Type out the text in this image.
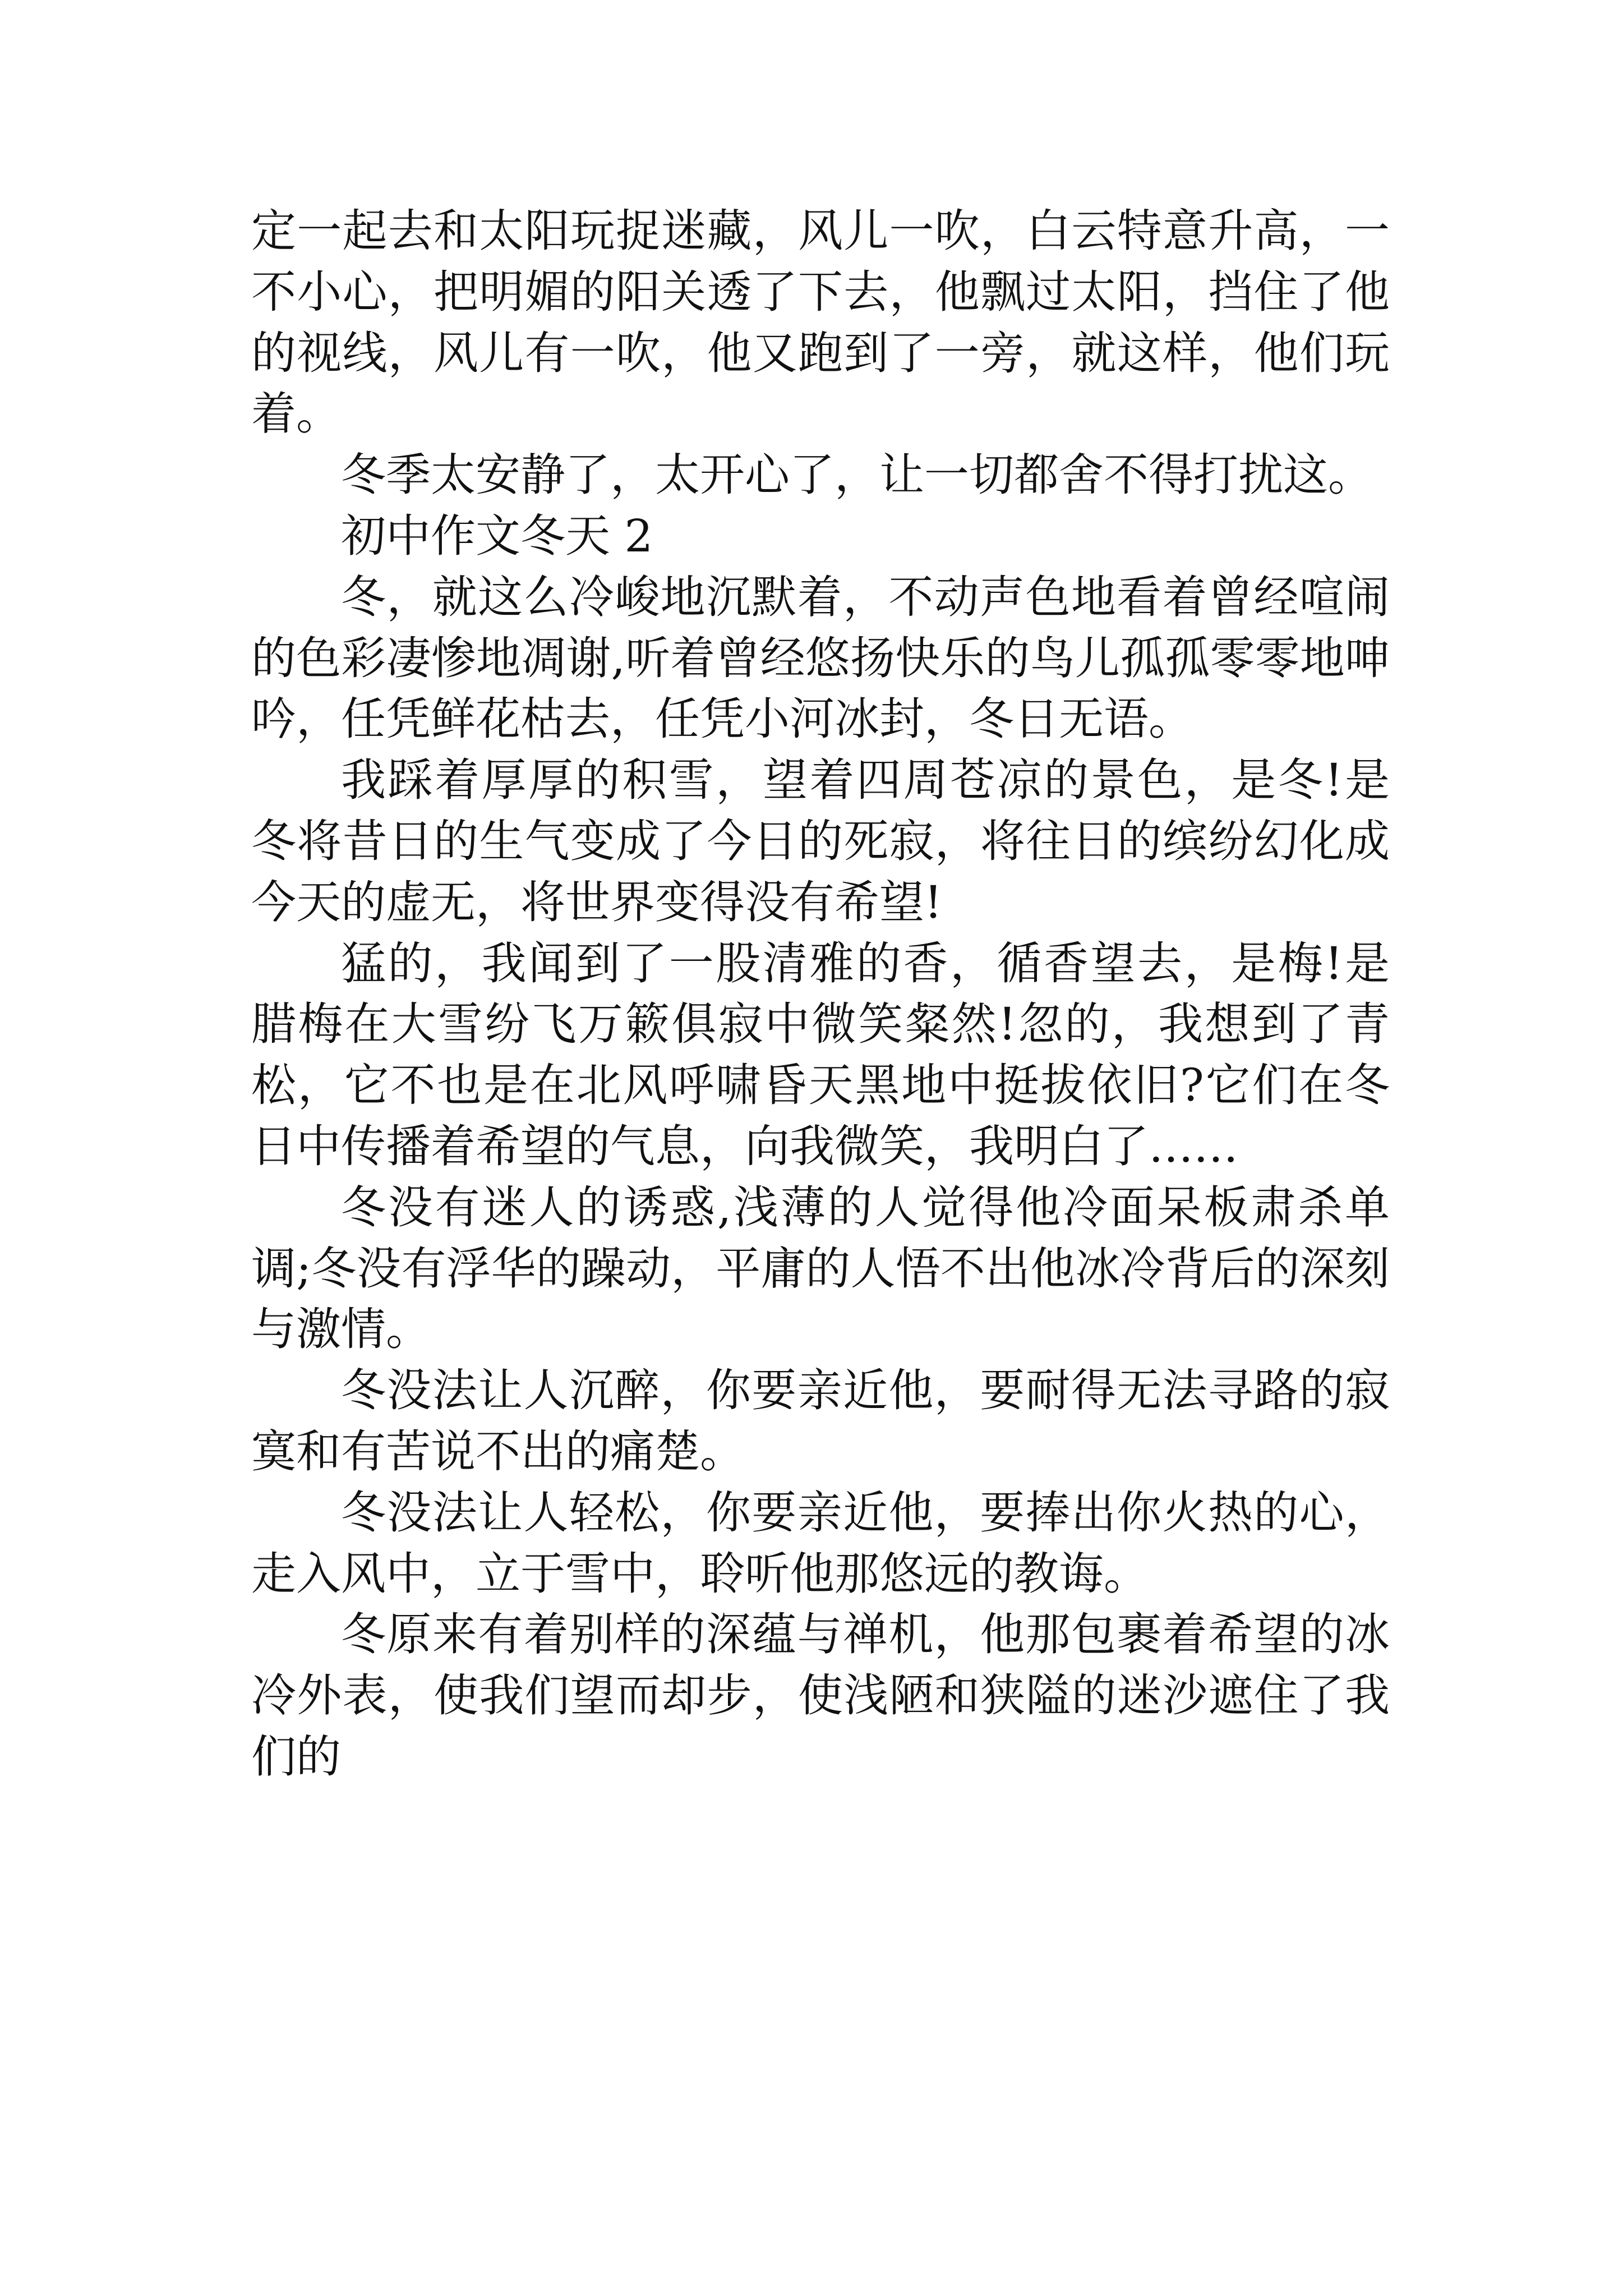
定一起去和太阳玩捉迷藏，风儿一吹，白云特意升高，一不小心，把明媚的阳关透了下去，他飘过太阳，挡住了他的视线，风儿有一吹，他又跑到了一旁，就这样，他们玩着。

冬季太安静了，太开心了，让一切都舍不得打扰这。

初中作文冬天 2

冬，就这么冷峻地沉默着，不动声色地看着曾经喧闹的色彩凄惨地凋谢,听着曾经悠扬快乐的鸟儿孤孤零零地呻吟，任凭鲜花枯去，任凭小河冰封，冬日无语。

我踩着厚厚的积雪，望着四周苍凉的景色，是冬!是冬将昔日的生气变成了今日的死寂，将往日的缤纷幻化成今天的虚无，将世界变得没有希望!

猛的，我闻到了一股清雅的香，循香望去，是梅!是腊梅在大雪纷飞万簌俱寂中微笑粲然!忽的，我想到了青松，它不也是在北风呼啸昏天黑地中挺拔依旧?它们在冬日中传播着希望的气息，向我微笑，我明白了……

冬没有迷人的诱惑,浅薄的人觉得他冷面呆板肃杀单调;冬没有浮华的躁动，平庸的人悟不出他冰冷背后的深刻与激情。

冬没法让人沉醉，你要亲近他，要耐得无法寻路的寂寞和有苦说不出的痛楚。

冬没法让人轻松，你要亲近他，要捧出你火热的心，走入风中，立于雪中，聆听他那悠远的教诲。

冬原来有着别样的深蕴与禅机，他那包裹着希望的冰冷外表，使我们望而却步，使浅陋和狭隘的迷沙遮住了我们的
